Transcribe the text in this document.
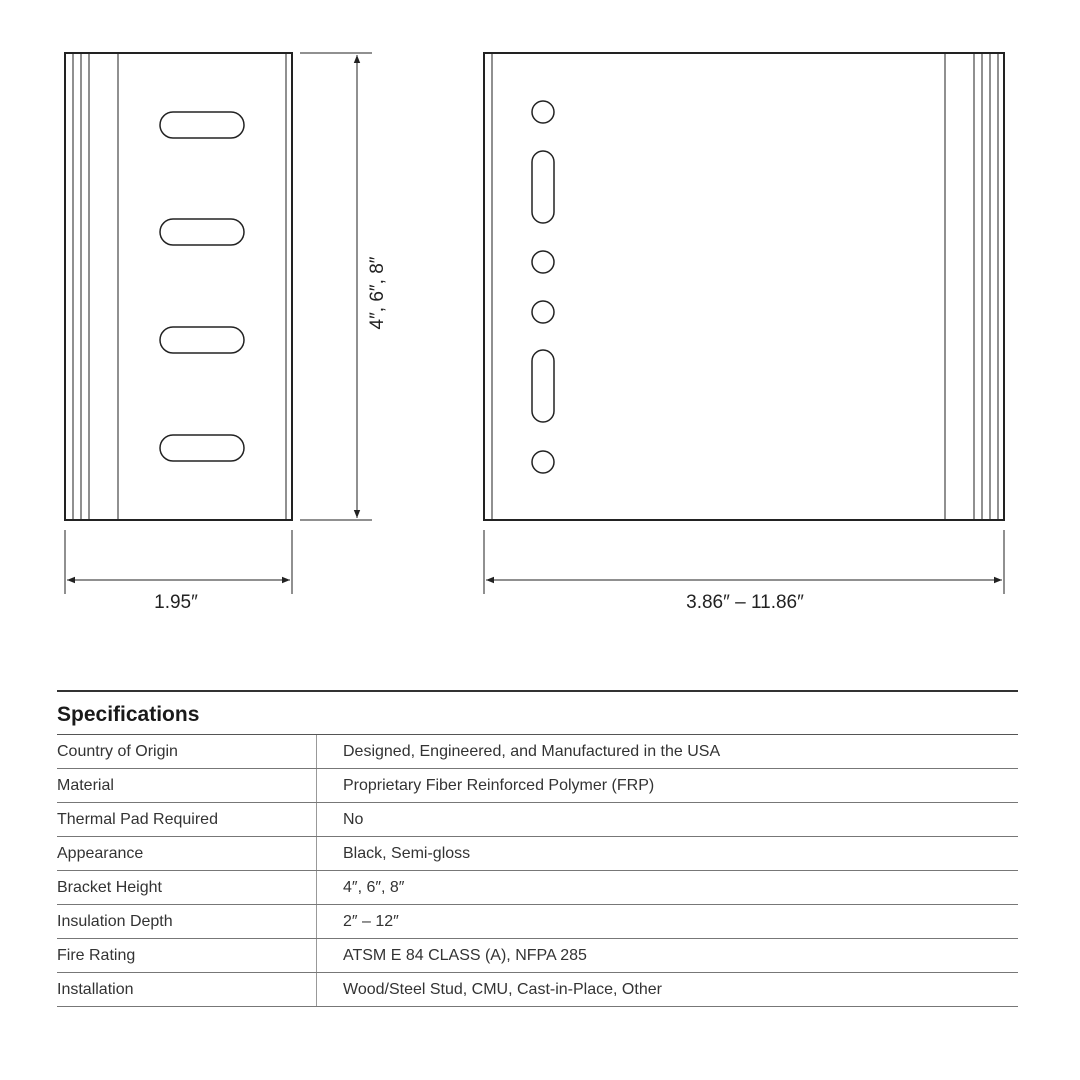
1.95″
4″, 6″, 8″
3.86″ – 11.86″
Specifications
Country of Origin	Designed, Engineered, and Manufactured in the USA
Material	Proprietary Fiber Reinforced Polymer (FRP)
Thermal Pad Required	No
Appearance	Black, Semi-gloss
Bracket Height	4″, 6″, 8″
Insulation Depth	2″ – 12″
Fire Rating	ATSM E 84 CLASS (A), NFPA 285
Installation	Wood/Steel Stud, CMU, Cast-in-Place, Other
